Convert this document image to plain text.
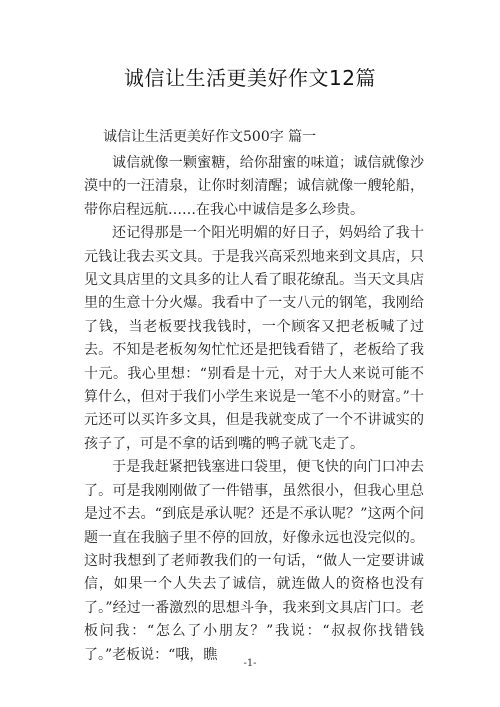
诚信让生活更美好作文12篇
诚信让生活更美好作文500字 篇一

诚信就像一颗蜜糖，给你甜蜜的味道；诚信就像沙漠中的一汪清泉，让你时刻清醒；诚信就像一艘轮船，带你启程远航……在我心中诚信是多么珍贵。

还记得那是一个阳光明媚的好日子，妈妈给了我十元钱让我去买文具。于是我兴高采烈地来到文具店，只见文具店里的文具多的让人看了眼花缭乱。当天文具店里的生意十分火爆。我看中了一支八元的钢笔，我刚给了钱，当老板要找我钱时，一个顾客又把老板喊了过去。不知是老板匆匆忙忙还是把钱看错了，老板给了我十元。我心里想：“别看是十元，对于大人来说可能不算什么，但对于我们小学生来说是一笔不小的财富。”十元还可以买许多文具，但是我就变成了一个不讲诚实的孩子了，可是不拿的话到嘴的鸭子就飞走了。

于是我赶紧把钱塞进口袋里，便飞快的向门口冲去了。可是我刚刚做了一件错事，虽然很小，但我心里总是过不去。“到底是承认呢？还是不承认呢？”这两个问题一直在我脑子里不停的回放，好像永远也没完似的。这时我想到了老师教我们的一句话，“做人一定要讲诚信，如果一个人失去了诚信，就连做人的资格也没有了。”经过一番激烈的思想斗争，我来到文具店门口。老板问我：“怎么了小朋友？”我说：“叔叔你找错钱了。”老板说：“哦，瞧

-1-
